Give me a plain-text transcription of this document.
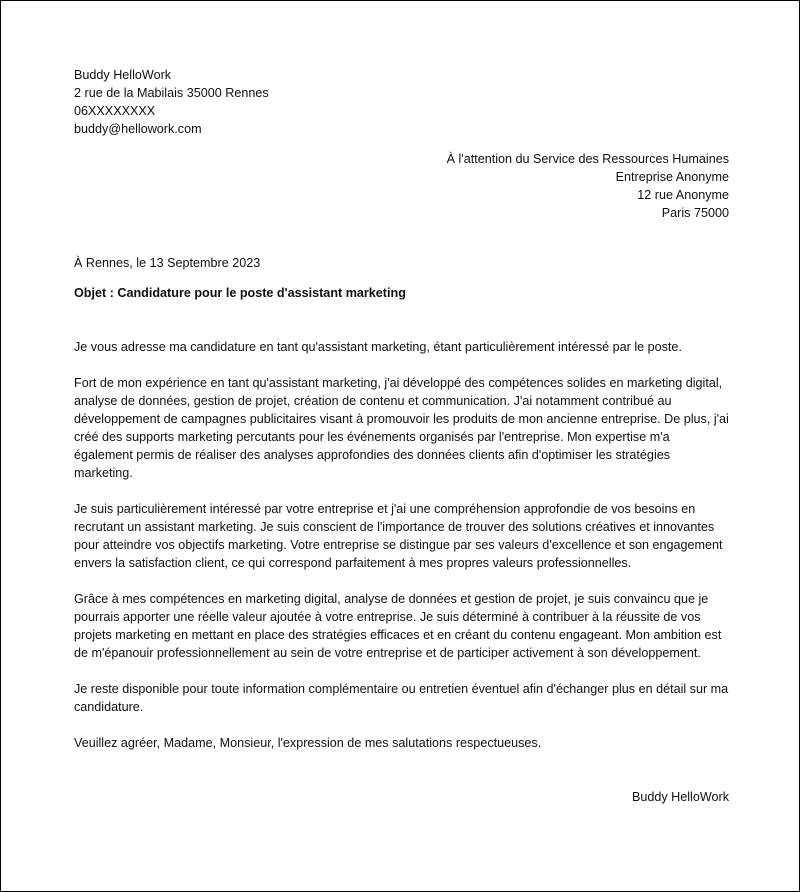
Buddy HelloWork

2 rue de la Mabilais 35000 Rennes

06XXXXXXXX

buddy@hellowork.com

À l'attention du Service des Ressources Humaines

Entreprise Anonyme

12 rue Anonyme

Paris 75000

À Rennes, le 13 Septembre 2023

Objet : Candidature pour le poste d'assistant marketing

Je vous adresse ma candidature en tant qu'assistant marketing, étant particulièrement intéressé par le poste.

Fort de mon expérience en tant qu'assistant marketing, j'ai développé des compétences solides en marketing digital, analyse de données, gestion de projet, création de contenu et communication. J'ai notamment contribué au développement de campagnes publicitaires visant à promouvoir les produits de mon ancienne entreprise. De plus, j'ai créé des supports marketing percutants pour les événements organisés par l'entreprise. Mon expertise m'a également permis de réaliser des analyses approfondies des données clients afin d'optimiser les stratégies marketing.

Je suis particulièrement intéressé par votre entreprise et j'ai une compréhension approfondie de vos besoins en recrutant un assistant marketing. Je suis conscient de l'importance de trouver des solutions créatives et innovantes pour atteindre vos objectifs marketing. Votre entreprise se distingue par ses valeurs d'excellence et son engagement envers la satisfaction client, ce qui correspond parfaitement à mes propres valeurs professionnelles.

Grâce à mes compétences en marketing digital, analyse de données et gestion de projet, je suis convaincu que je pourrais apporter une réelle valeur ajoutée à votre entreprise. Je suis déterminé à contribuer à la réussite de vos projets marketing en mettant en place des stratégies efficaces et en créant du contenu engageant. Mon ambition est de m'épanouir professionnellement au sein de votre entreprise et de participer activement à son développement.

Je reste disponible pour toute information complémentaire ou entretien éventuel afin d'échanger plus en détail sur ma candidature.

Veuillez agréer, Madame, Monsieur, l'expression de mes salutations respectueuses.

Buddy HelloWork
